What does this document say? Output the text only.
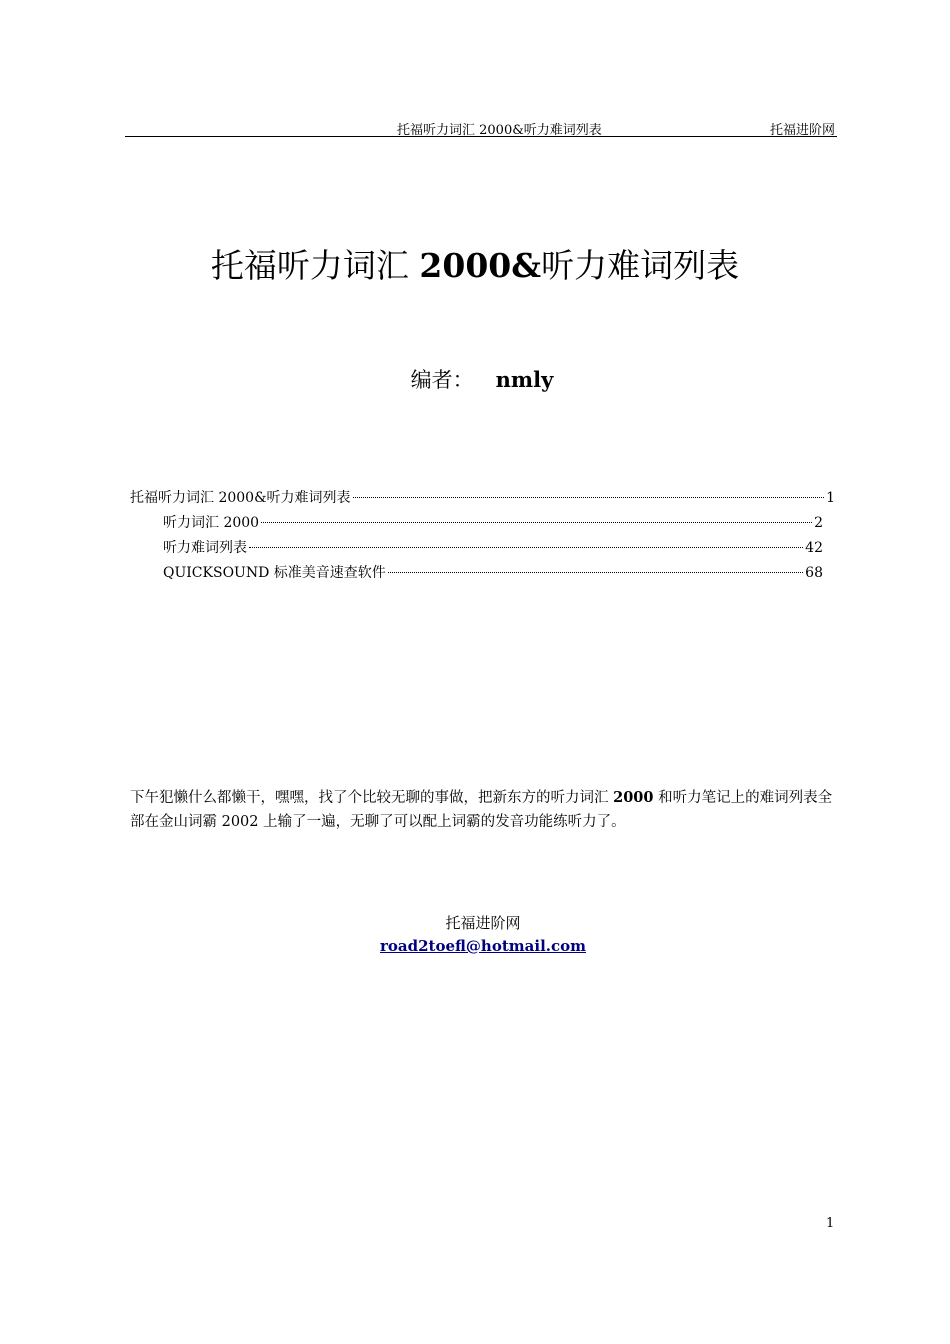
托福听力词汇 2000&听力难词列表	托福进阶网
托福听力词汇 2000&听力难词列表
编者： nmly
托福听力词汇 2000&听力难词列表	1
听力词汇 2000	2
听力难词列表	42
QUICKSOUND 标准美音速查软件	68
下午犯懒什么都懒干，嘿嘿，找了个比较无聊的事做，把新东方的听力词汇 2000 和听力笔记上的难词列表全部在金山词霸 2002 上输了一遍，无聊了可以配上词霸的发音功能练听力了。
托福进阶网
road2toefl@hotmail.com
1
